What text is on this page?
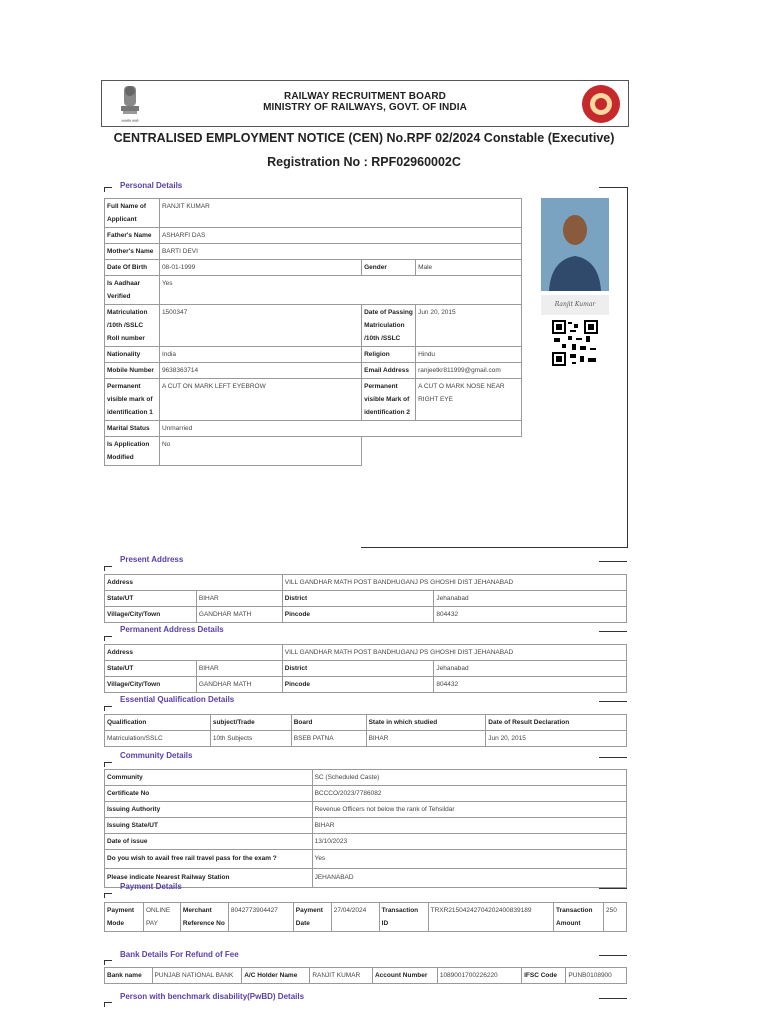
सत्यमेव जयते
RAILWAY RECRUITMENT BOARD
MINISTRY OF RAILWAYS, GOVT. OF INDIA
CENTRALISED EMPLOYMENT NOTICE (CEN) No.RPF 02/2024 Constable (Executive)
Registration No : RPF02960002C
Personal Details
Full Name of Applicant	RANJIT KUMAR		
Father's Name	ASHARFI DAS		
Mother's Name	BARTI DEVI		
Date Of Birth	08-01-1999	Gender	Male
Is Aadhaar Verified	Yes		
Matriculation /10th /SSLC Roll number	1500347	Date of Passing Matriculation /10th /SSLC	Jun 20, 2015
Nationality	India	Religion	Hindu
Mobile Number	9638363714	Email Address	ranjeetkr811999@gmail.com
Permanent visible mark of identification 1	A CUT ON MARK LEFT EYEBROW	Permanent visible Mark of identification 2	A CUT O MARK NOSE NEAR RIGHT EYE
Marital Status	Unmarried		
Is Application Modified	No		
Ranjit Kumar
Present Address
Address		VILL GANDHAR MATH POST BANDHUGANJ PS GHOSHI DIST JEHANABAD	
State/UT	BIHAR	District	Jehanabad
Village/City/Town	GANDHAR MATH	Pincode	804432
Permanent Address Details
Address		VILL GANDHAR MATH POST BANDHUGANJ PS GHOSHI DIST JEHANABAD	
State/UT	BIHAR	District	Jehanabad
Village/City/Town	GANDHAR MATH	Pincode	804432
Essential Qualification Details
Qualification	subject/Trade	Board	State in which studied	Date of Result Declaration
Matriculation/SSLC	10th Subjects	BSEB PATNA	BIHAR	Jun 20, 2015
Community Details
Community	SC (Scheduled Caste)
Certificate No	BCCCO/2023/7786082
Issuing Authority	Revenue Officers not below the rank of Tehsildar
Issuing State/UT	BIHAR
Date of issue	13/10/2023
Do you wish to avail free rail travel pass for the exam ?	Yes
Please indicate Nearest Railway Station	JEHANABAD
Payment Details
Payment Mode	ONLINE PAY	Merchant Reference No	8042773904427	Payment Date	27/04/2024	Transaction ID	TRXR2150424270420240083918​9	Transaction Amount	250
Bank Details For Refund of Fee
Bank name	PUNJAB NATIONAL BANK	A/C Holder Name	RANJIT KUMAR	Account Number	1089001700226220	IFSC Code	PUNB0108900
Person with benchmark disability(PwBD) Details
